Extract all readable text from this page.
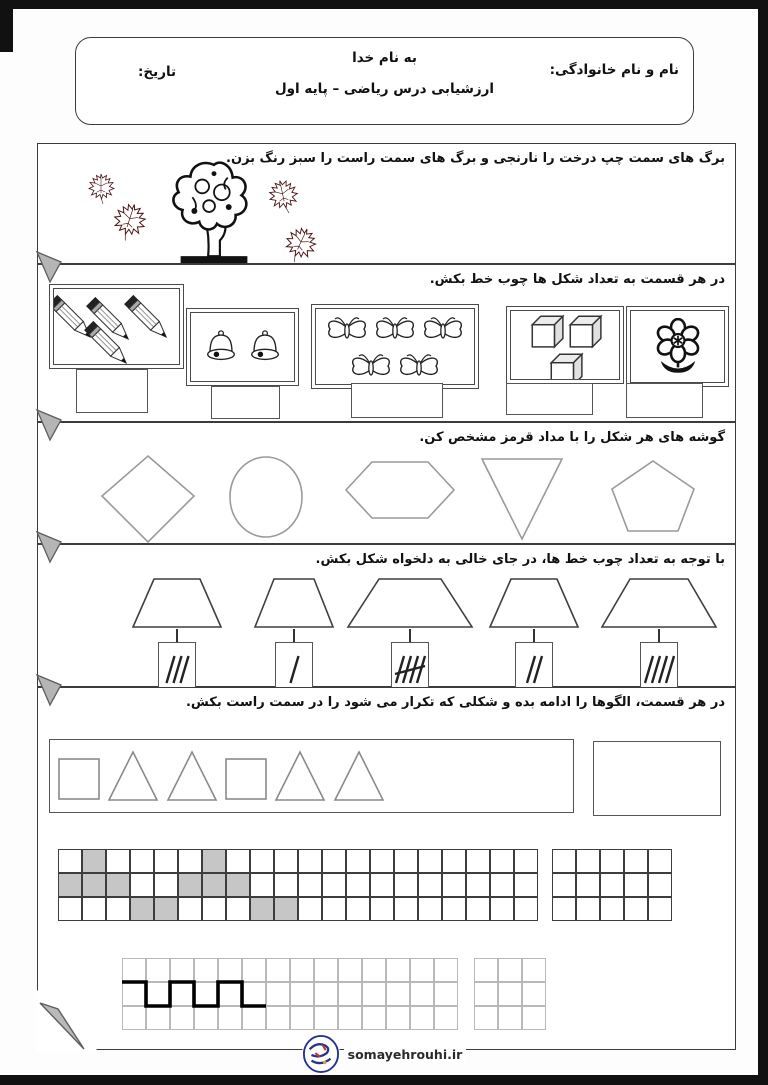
نام و نام خانوادگی:
به نام خدا
ارزشیابی درس ریاضی – پایه اول
تاریخ:
برگ های سمت چپ درخت را نارنجی و برگ های سمت راست را سبز رنگ بزن.
در هر قسمت به تعداد شکل ها چوب خط بکش.
گوشه های هر شکل را با مداد قرمز مشخص کن.
با توجه به تعداد چوب خط ها، در جای خالی به دلخواه شکل بکش.
در هر قسمت، الگوها را ادامه بده و شکلی که تکرار می شود را در سمت راست بکش.
somayehrouhi.ir
